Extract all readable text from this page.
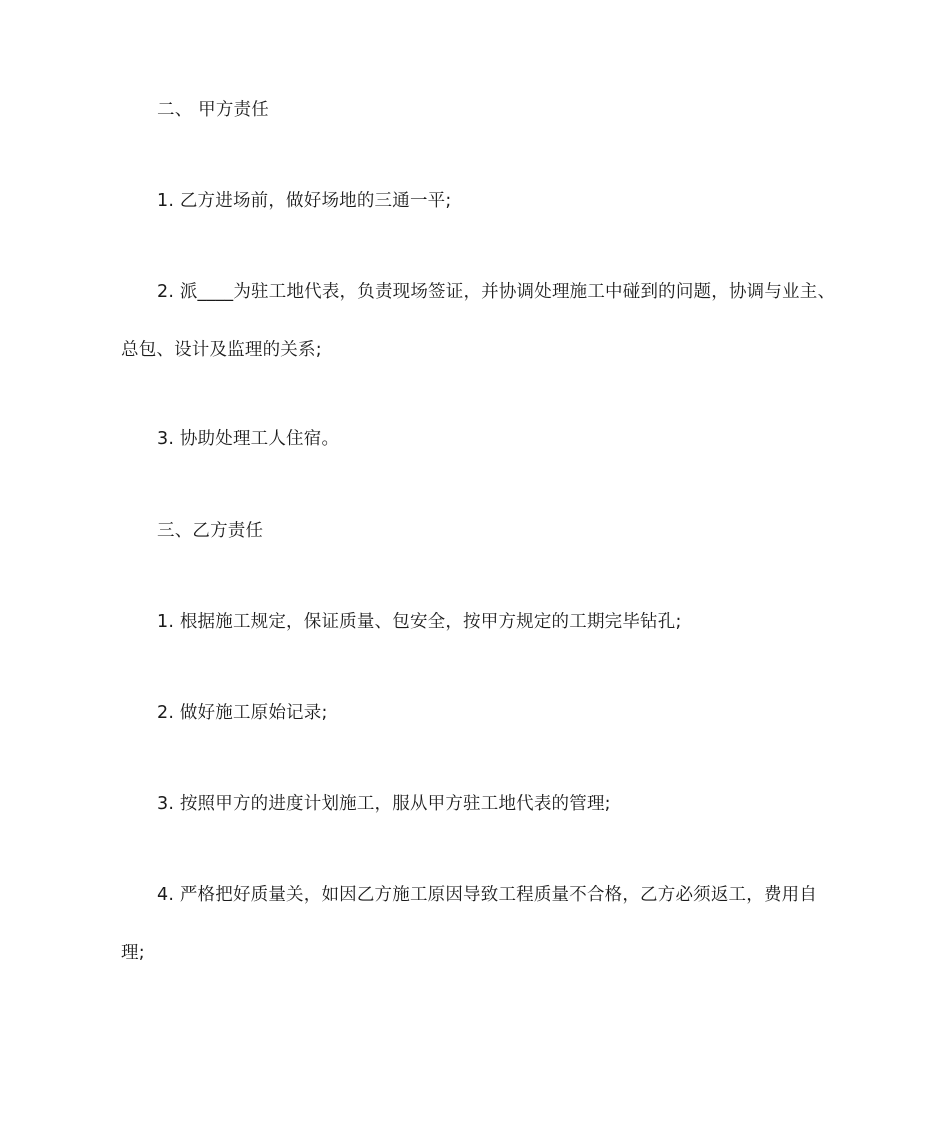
二、 甲方责任
1. 乙方进场前，做好场地的三通一平;
2. 派____为驻工地代表，负责现场签证，并协调处理施工中碰到的问题，协调与业主、
总包、设计及监理的关系;
3. 协助处理工人住宿。
三、乙方责任
1. 根据施工规定，保证质量、包安全，按甲方规定的工期完毕钻孔;
2. 做好施工原始记录;
3. 按照甲方的进度计划施工，服从甲方驻工地代表的管理;
4. 严格把好质量关，如因乙方施工原因导致工程质量不合格，乙方必须返工，费用自
理;
